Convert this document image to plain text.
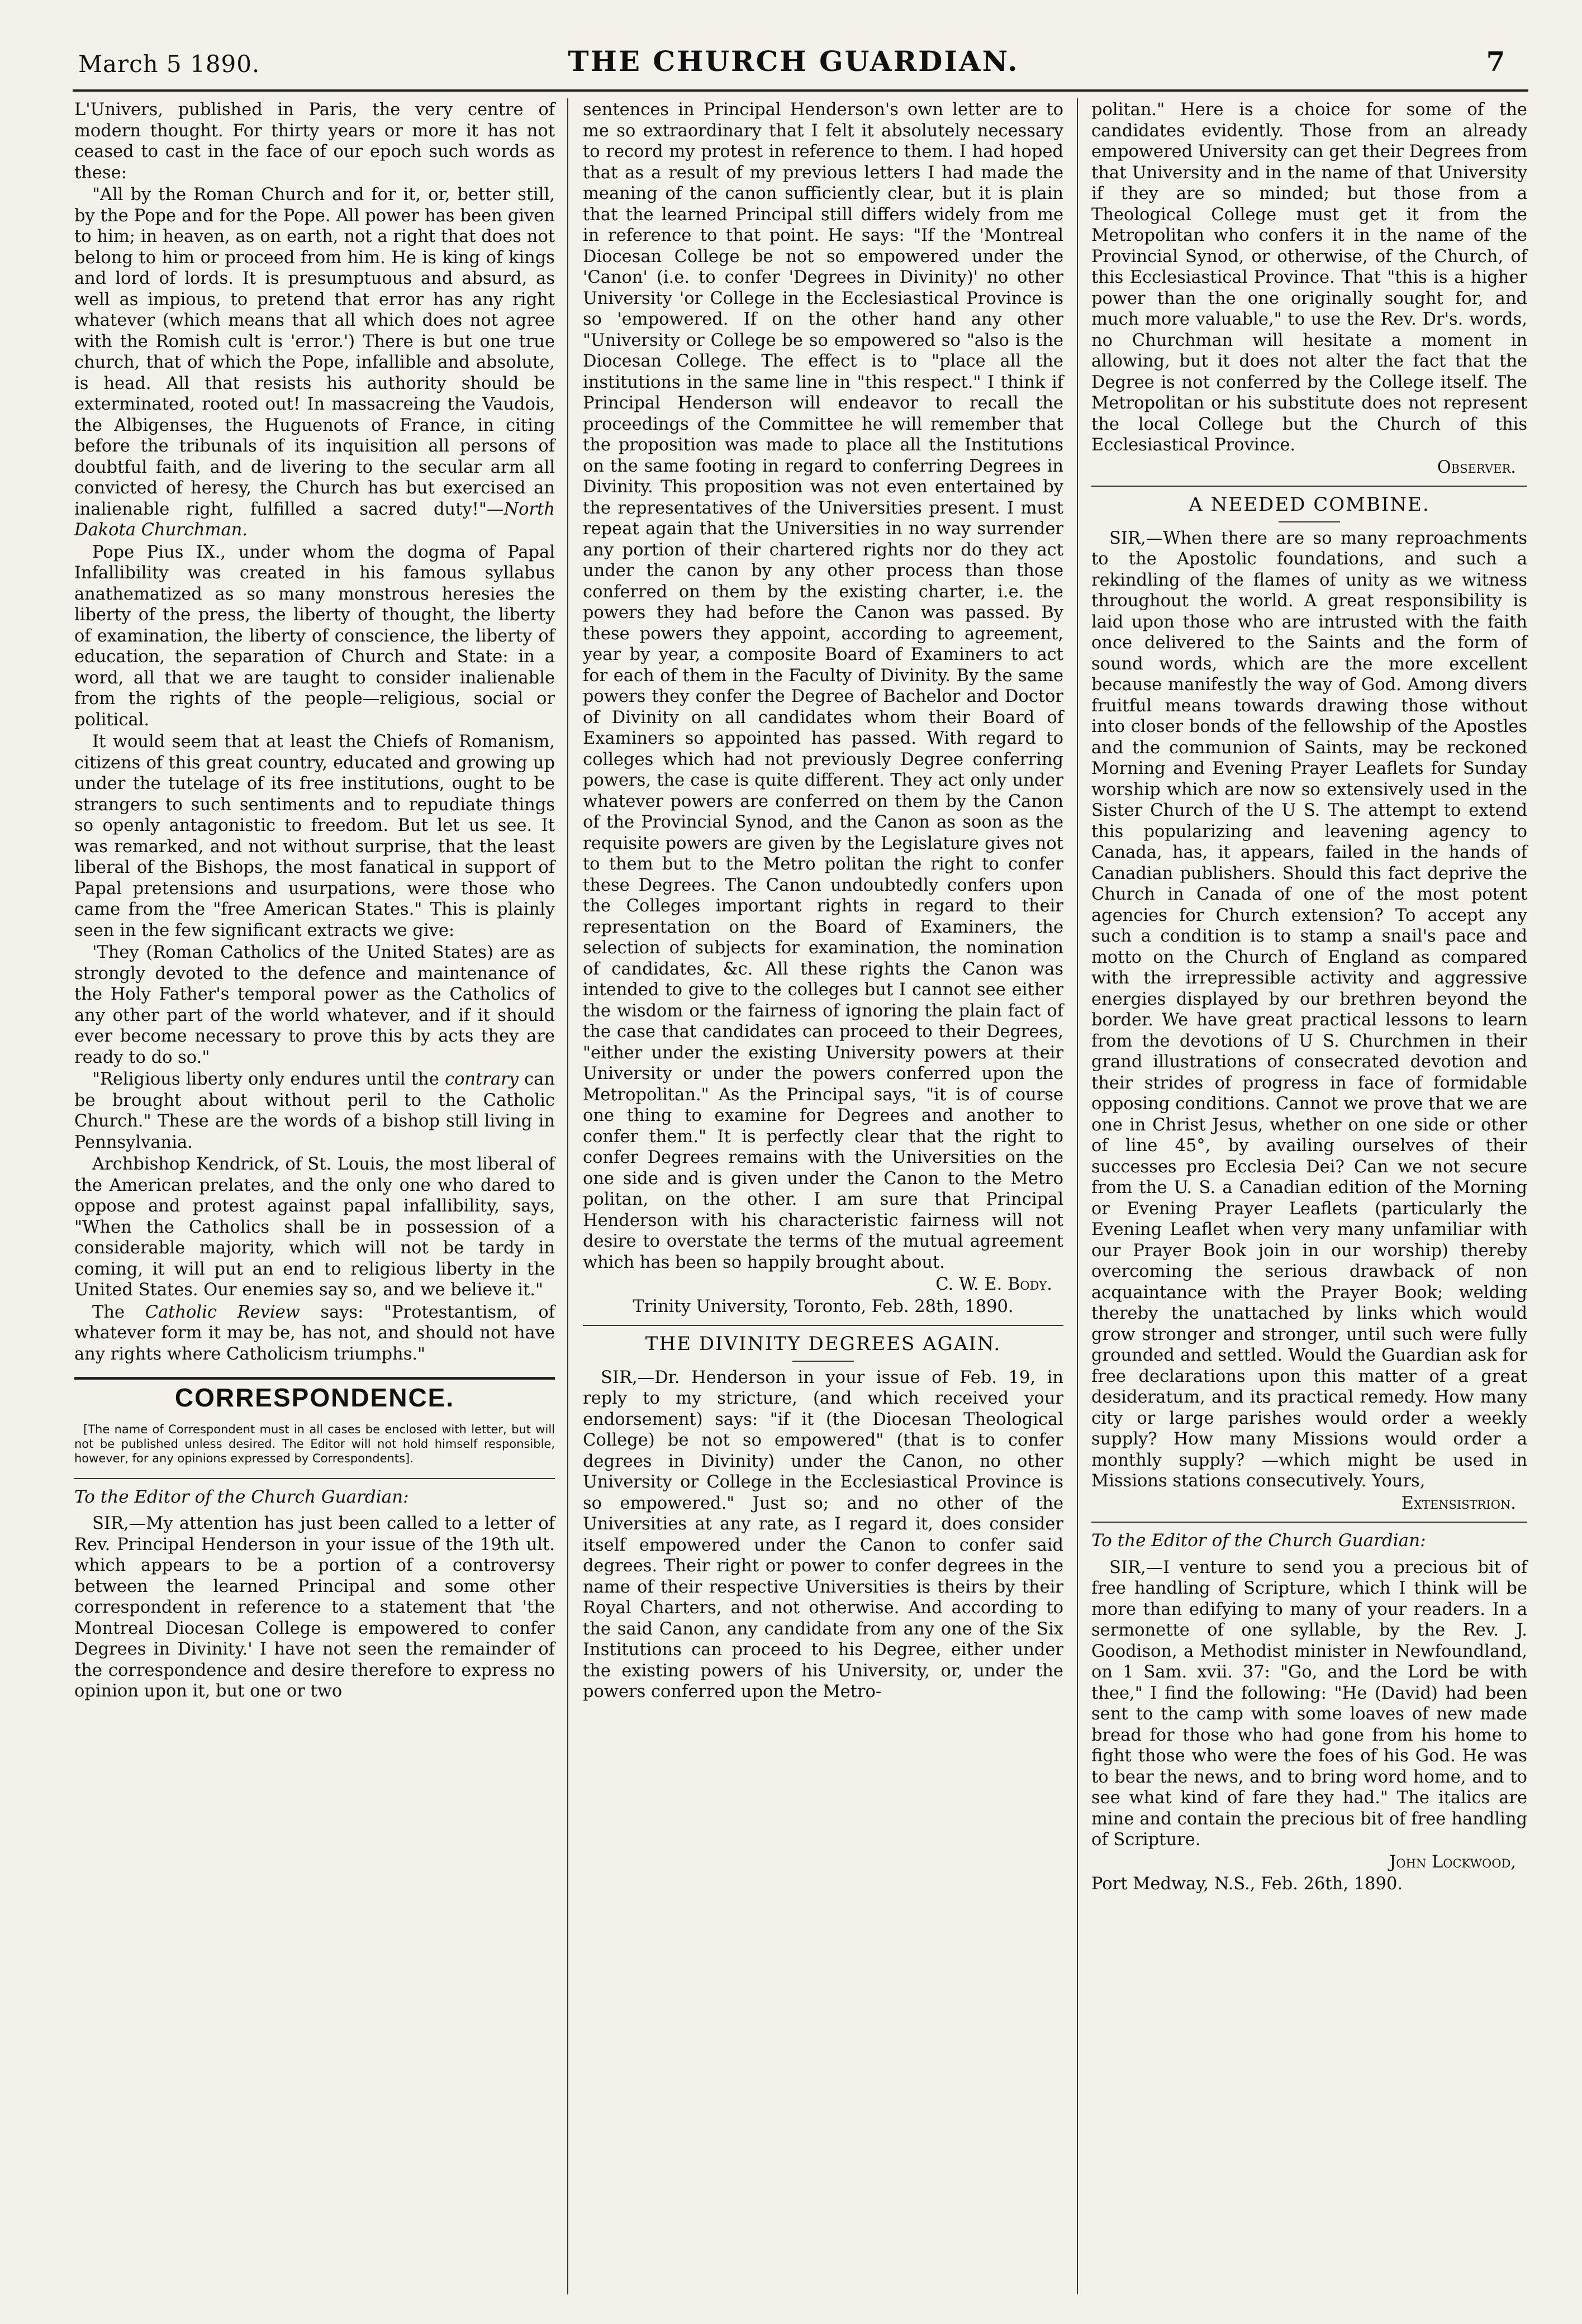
March 5 1890.	THE CHURCH GUARDIAN.	7

L'Univers, published in Paris, the very centre of modern thought. For thirty years or more it has not ceased to cast in the face of our epoch such words as these:

"All by the Roman Church and for it, or, better still, by the Pope and for the Pope. All power has been given to him; in heaven, as on earth, not a right that does not belong to him or proceed from him. He is king of kings and lord of lords. It is presumptuous and absurd, as well as impious, to pretend that error has any right whatever (which means that all which does not agree with the Romish cult is 'error.') There is but one true church, that of which the Pope, infallible and absolute, is head. All that resists his authority should be exterminated, rooted out! In massacreing the Vaudois, the Albigenses, the Huguenots of France, in citing before the tribunals of its inquisition all persons of doubtful faith, and de livering to the secular arm all convicted of heresy, the Church has but exercised an inalienable right, fulfilled a sacred duty!"—North Dakota Churchman.

Pope Pius IX., under whom the dogma of Papal Infallibility was created in his famous syllabus anathematized as so many monstrous heresies the liberty of the press, the liberty of thought, the liberty of examination, the liberty of conscience, the liberty of education, the separation of Church and State: in a word, all that we are taught to consider inalienable from the rights of the people—religious, social or political.

It would seem that at least the Chiefs of Romanism, citizens of this great country, educated and growing up under the tutelage of its free institutions, ought to be strangers to such sentiments and to repudiate things so openly antagonistic to freedom. But let us see. It was remarked, and not without surprise, that the least liberal of the Bishops, the most fanatical in support of Papal pretensions and usurpations, were those who came from the "free American States." This is plainly seen in the few significant extracts we give:

'They (Roman Catholics of the United States) are as strongly devoted to the defence and maintenance of the Holy Father's temporal power as the Catholics of any other part of the world whatever, and if it should ever become necessary to prove this by acts they are ready to do so."

"Religious liberty only endures until the contrary can be brought about without peril to the Catholic Church." These are the words of a bishop still living in Pennsylvania.

Archbishop Kendrick, of St. Louis, the most liberal of the American prelates, and the only one who dared to oppose and protest against papal infallibility, says, "When the Catholics shall be in possession of a considerable majority, which will not be tardy in coming, it will put an end to religious liberty in the United States. Our enemies say so, and we believe it."

The Catholic Review says: "Protestantism, of whatever form it may be, has not, and should not have any rights where Catholicism triumphs."

CORRESPONDENCE.

[The name of Correspondent must in all cases be enclosed with letter, but will not be published unless desired. The Editor will not hold himself responsible, however, for any opinions expressed by Correspondents].

To the Editor of the Church Guardian:

SIR,—My attention has just been called to a letter of Rev. Principal Henderson in your issue of the 19th ult. which appears to be a portion of a controversy between the learned Principal and some other correspondent in reference to a statement that 'the Montreal Diocesan College is empowered to confer Degrees in Divinity.' I have not seen the remainder of the correspondence and desire therefore to express no opinion upon it, but one or two

sentences in Principal Henderson's own letter are to me so extraordinary that I felt it absolutely necessary to record my protest in reference to them. I had hoped that as a result of my previous letters I had made the meaning of the canon sufficiently clear, but it is plain that the learned Principal still differs widely from me in reference to that point. He says: "If the 'Montreal Diocesan College be not so empowered under the 'Canon' (i.e. to confer 'Degrees in Divinity)' no other University 'or College in the Ecclesiastical Province is so 'empowered. If on the other hand any other "University or College be so empowered so "also is the Diocesan College. The effect is to "place all the institutions in the same line in "this respect." I think if Principal Henderson will endeavor to recall the proceedings of the Committee he will remember that the proposition was made to place all the Institutions on the same footing in regard to conferring Degrees in Divinity. This proposition was not even entertained by the representatives of the Universities present. I must repeat again that the Universities in no way surrender any portion of their chartered rights nor do they act under the canon by any other process than those conferred on them by the existing charter, i.e. the powers they had before the Canon was passed. By these powers they appoint, according to agreement, year by year, a composite Board of Examiners to act for each of them in the Faculty of Divinity. By the same powers they confer the Degree of Bachelor and Doctor of Divinity on all candidates whom their Board of Examiners so appointed has passed. With regard to colleges which had not previously Degree conferring powers, the case is quite different. They act only under whatever powers are conferred on them by the Canon of the Provincial Synod, and the Canon as soon as the requisite powers are given by the Legislature gives not to them but to the Metro politan the right to confer these Degrees. The Canon undoubtedly confers upon the Colleges important rights in regard to their representation on the Board of Examiners, the selection of subjects for examination, the nomination of candidates, &c. All these rights the Canon was intended to give to the colleges but I cannot see either the wisdom or the fairness of ignoring the plain fact of the case that candidates can proceed to their Degrees, "either under the existing University powers at their University or under the powers conferred upon the Metropolitan." As the Principal says, "it is of course one thing to examine for Degrees and another to confer them." It is perfectly clear that the right to confer Degrees remains with the Universities on the one side and is given under the Canon to the Metro politan, on the other. I am sure that Principal Henderson with his characteristic fairness will not desire to overstate the terms of the mutual agreement which has been so happily brought about.

C. W. E. Body.

Trinity University, Toronto, Feb. 28th, 1890.

THE DIVINITY DEGREES AGAIN.

SIR,—Dr. Henderson in your issue of Feb. 19, in reply to my stricture, (and which received your endorsement) says: "if it (the Diocesan Theological College) be not so empowered" (that is to confer degrees in Divinity) under the Canon, no other University or College in the Ecclesiastical Province is so empowered." Just so; and no other of the Universities at any rate, as I regard it, does consider itself empowered under the Canon to confer said degrees. Their right or power to confer degrees in the name of their respective Universities is theirs by their Royal Charters, and not otherwise. And according to the said Canon, any candidate from any one of the Six Institutions can proceed to his Degree, either under the existing powers of his University, or, under the powers conferred upon the Metro-

politan." Here is a choice for some of the candidates evidently. Those from an already empowered University can get their Degrees from that University and in the name of that University if they are so minded; but those from a Theological College must get it from the Metropolitan who confers it in the name of the Provincial Synod, or otherwise, of the Church, of this Ecclesiastical Province. That "this is a higher power than the one originally sought for, and much more valuable," to use the Rev. Dr's. words, no Churchman will hesitate a moment in allowing, but it does not alter the fact that the Degree is not conferred by the College itself. The Metropolitan or his substitute does not represent the local College but the Church of this Ecclesiastical Province.

Observer.

A NEEDED COMBINE.

SIR,—When there are so many reproachments to the Apostolic foundations, and such a rekindling of the flames of unity as we witness throughout the world. A great responsibility is laid upon those who are intrusted with the faith once delivered to the Saints and the form of sound words, which are the more excellent because manifestly the way of God. Among divers fruitful means towards drawing those without into closer bonds of the fellowship of the Apostles and the communion of Saints, may be reckoned Morning and Evening Prayer Leaflets for Sunday worship which are now so extensively used in the Sister Church of the U S. The attempt to extend this popularizing and leavening agency to Canada, has, it appears, failed in the hands of Canadian publishers. Should this fact deprive the Church in Canada of one of the most potent agencies for Church extension? To accept any such a condition is to stamp a snail's pace and motto on the Church of England as compared with the irrepressible activity and aggressive energies displayed by our brethren beyond the border. We have great practical lessons to learn from the devotions of U S. Churchmen in their grand illustrations of consecrated devotion and their strides of progress in face of formidable opposing conditions. Cannot we prove that we are one in Christ Jesus, whether on one side or other of line 45°, by availing ourselves of their successes pro Ecclesia Dei? Can we not secure from the U. S. a Canadian edition of the Morning or Evening Prayer Leaflets (particularly the Evening Leaflet when very many unfamiliar with our Prayer Book join in our worship) thereby overcoming the serious drawback of non acquaintance with the Prayer Book; welding thereby the unattached by links which would grow stronger and stronger, until such were fully grounded and settled. Would the Guardian ask for free declarations upon this matter of a great desideratum, and its practical remedy. How many city or large parishes would order a weekly supply? How many Missions would order a monthly supply? —which might be used in Missions stations consecutively. Yours,

Extensistrion.

To the Editor of the Church Guardian:

SIR,—I venture to send you a precious bit of free handling of Scripture, which I think will be more than edifying to many of your readers. In a sermonette of one syllable, by the Rev. J. Goodison, a Methodist minister in Newfoundland, on 1 Sam. xvii. 37: "Go, and the Lord be with thee," I find the following: "He (David) had been sent to the camp with some loaves of new made bread for those who had gone from his home to fight those who were the foes of his God. He was to bear the news, and to bring word home, and to see what kind of fare they had." The italics are mine and contain the precious bit of free handling of Scripture.

John Lockwood,

Port Medway, N.S., Feb. 26th, 1890.
